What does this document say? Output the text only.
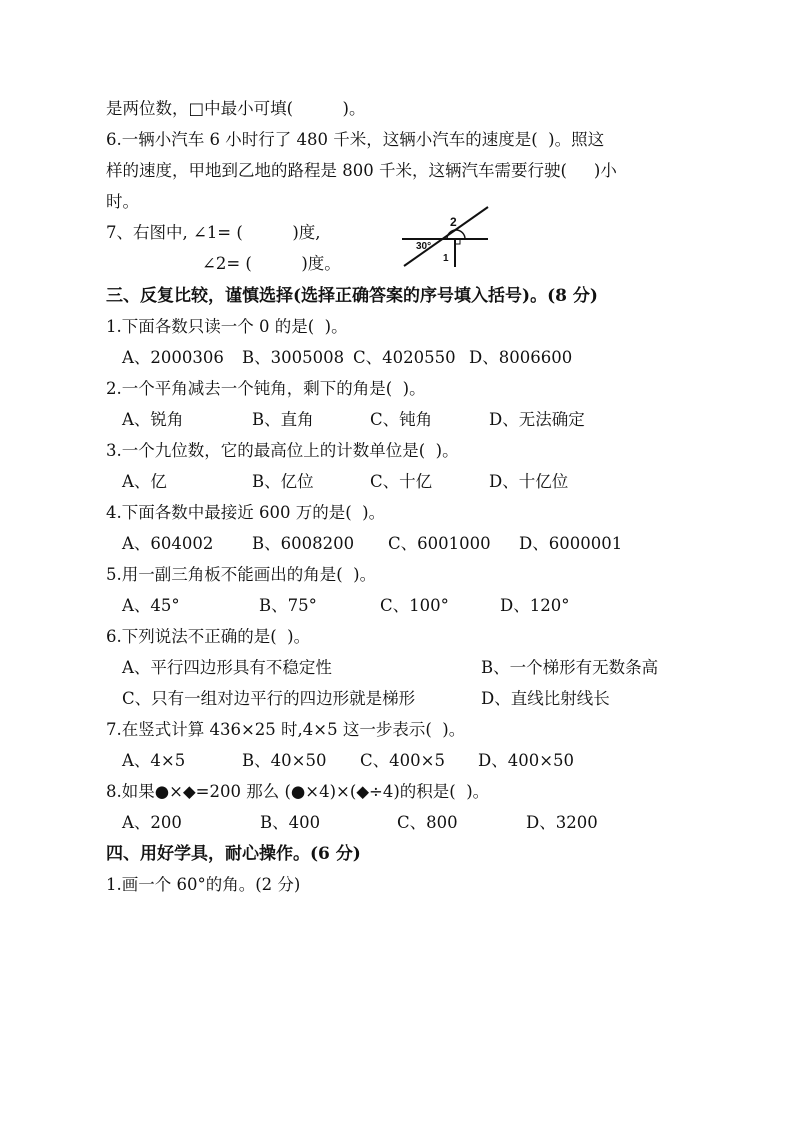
是两位数，□中最小可填(　　　)。
6.一辆小汽车 6 小时行了 480 千米，这辆小汽车的速度是(  )。照这
样的速度，甲地到乙地的路程是 800 千米，这辆汽车需要行驶(　  )小
时。
7、右图中, ∠1= (　　　)度,
∠2= (　　　)度。
2
30°
1
三、反复比较，谨慎选择(选择正确答案的序号填入括号)。(8 分)
1.下面各数只读一个 0 的是(  )。
A、2000306 B、3005008 C、4020550 D、8006600
2.一个平角减去一个钝角，剩下的角是(  )。
A、锐角	B、直角	C、钝角	D、无法确定
3.一个九位数，它的最高位上的计数单位是(  )。
A、亿	B、亿位	C、十亿	D、十亿位
4.下面各数中最接近 600 万的是(  )。
A、604002 B、6008200 C、6001000 D、6000001
5.用一副三角板不能画出的角是(  )。
A、45°	B、75°	C、100°	D、120°
6.下列说法不正确的是(  )。
A、平行四边形具有不稳定性	B、一个梯形有无数条高
C、只有一组对边平行的四边形就是梯形	D、直线比射线长
7.在竖式计算 436×25 时,4×5 这一步表示(  )。
A、4×5	B、40×50 C、400×5 D、400×50
8.如果●×◆=200 那么 (●×4)×(◆÷4)的积是(  )。
A、200	B、400	C、800	D、3200
四、用好学具，耐心操作。(6 分)
1.画一个 60°的角。(2 分)
